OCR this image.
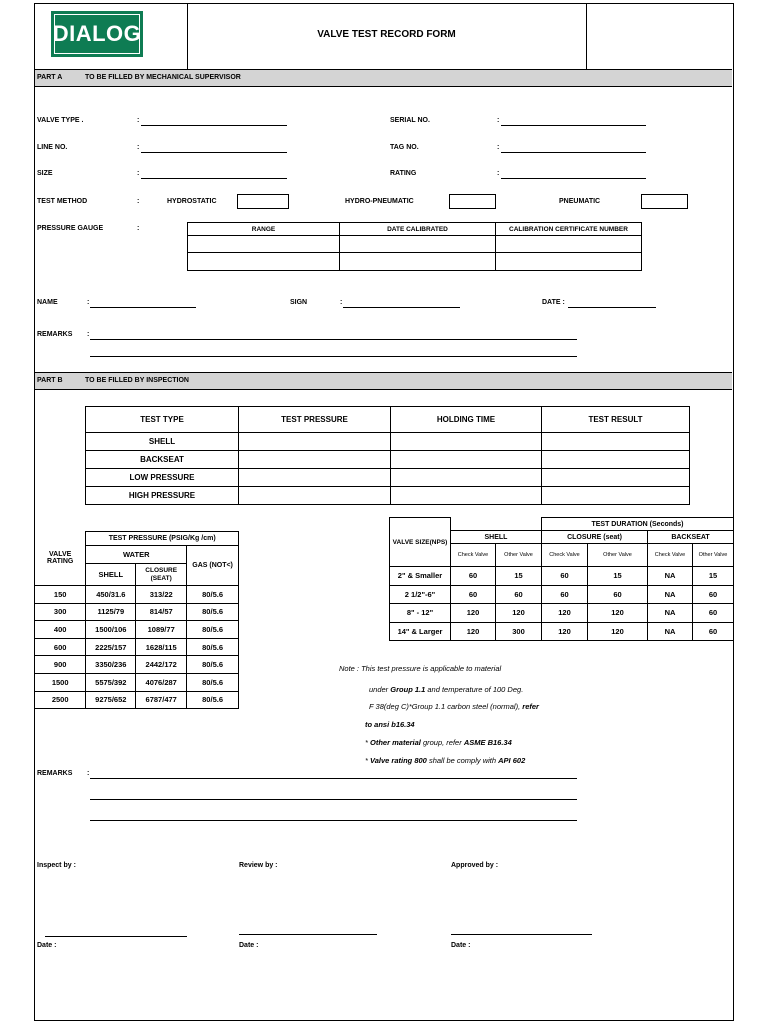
DIALOG	VALVE TEST RECORD FORM
PART A	TO BE FILLED BY MECHANICAL SUPERVISOR
VALVE TYPE .	:	SERIAL NO.	:
LINE NO.	:	TAG NO.	:
SIZE	:	RATING	:
TEST METHOD	:	HYDROSTATIC	HYDRO-PNEUMATIC	PNEUMATIC
PRESSURE GAUGE	:	RANGE	DATE CALIBRATED	CALIBRATION CERTIFICATE NUMBER

NAME	:	SIGN	:	DATE :
REMARKS :
PART B	TO BE FILLED BY INSPECTION
TEST TYPE	TEST PRESSURE	HOLDING TIME	TEST RESULT
SHELL			
BACKSEAT			
LOW PRESSURE			
HIGH PRESSURE			
VALVE RATING	TEST PRESSURE (PSIG/Kg /cm)		
	WATER		GAS (NOT<)
	SHELL	CLOSURE (SEAT)	
150	450/31.6	313/22	80/5.6
300	1125/79	814/57	80/5.6
400	1500/106	1089/77	80/5.6
600	2225/157	1628/115	80/5.6
900	3350/236	2442/172	80/5.6
1500	5575/392	4076/287	80/5.6
2500	9275/652	6787/477	80/5.6
VALVE SIZE(NPS)			TEST DURATION (Seconds)			
	SHELL		CLOSURE (seat)		BACKSEAT	
	Check Valve	Other Valve	Check Valve	Other Valve	Check Valve	Other Valve
2" & Smaller	60	15	60	15	NA	15
2 1/2"-6"	60	60	60	60	NA	60
8" - 12"	120	120	120	120	NA	60
14" & Larger	120	300	120	120	NA	60
Note : This test pressure is applicable to material
under Group 1.1 and temperature of 100 Deg.
F 38(deg C)*Group 1.1 carbon steel (normal), refer
to ansi b16.34
* Other material group, refer ASME B16.34
* Valve rating 800 shall be comply with API 602
REMARKS :
Inspect by :	Review by :	Approved by :
Date :	Date :	Date :
